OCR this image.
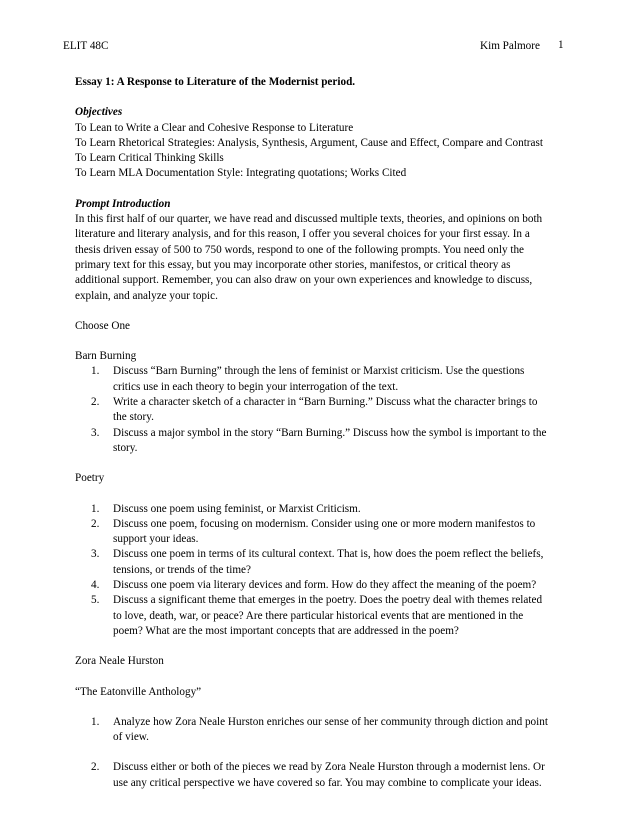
ELIT 48C	Kim Palmore 1

Essay 1: A Response to Literature of the Modernist period.

Objectives

To Lean to Write a Clear and Cohesive Response to Literature

To Learn Rhetorical Strategies: Analysis, Synthesis, Argument, Cause and Effect, Compare and Contrast

To Learn Critical Thinking Skills

To Learn MLA Documentation Style: Integrating quotations; Works Cited

Prompt Introduction

In this first half of our quarter, we have read and discussed multiple texts, theories, and opinions on both

literature and literary analysis, and for this reason, I offer you several choices for your first essay. In a

thesis driven essay of 500 to 750 words, respond to one of the following prompts. You need only the

primary text for this essay, but you may incorporate other stories, manifestos, or critical theory as

additional support. Remember, you can also draw on your own experiences and knowledge to discuss,

explain, and analyze your topic.

Choose One

Barn Burning

1. Discuss “Barn Burning” through the lens of feminist or Marxist criticism. Use the questions
critics use in each theory to begin your interrogation of the text.
2. Write a character sketch of a character in “Barn Burning.” Discuss what the character brings to
the story.
3. Discuss a major symbol in the story “Barn Burning.” Discuss how the symbol is important to the
story.

Poetry

1. Discuss one poem using feminist, or Marxist Criticism.
2. Discuss one poem, focusing on modernism. Consider using one or more modern manifestos to
support your ideas.
3. Discuss one poem in terms of its cultural context. That is, how does the poem reflect the beliefs,
tensions, or trends of the time?
4. Discuss one poem via literary devices and form. How do they affect the meaning of the poem?
5. Discuss a significant theme that emerges in the poetry. Does the poetry deal with themes related
to love, death, war, or peace? Are there particular historical events that are mentioned in the
poem? What are the most important concepts that are addressed in the poem?

Zora Neale Hurston

“The Eatonville Anthology”

1. Analyze how Zora Neale Hurston enriches our sense of her community through diction and point
of view.
2. Discuss either or both of the pieces we read by Zora Neale Hurston through a modernist lens. Or
use any critical perspective we have covered so far. You may combine to complicate your ideas.
